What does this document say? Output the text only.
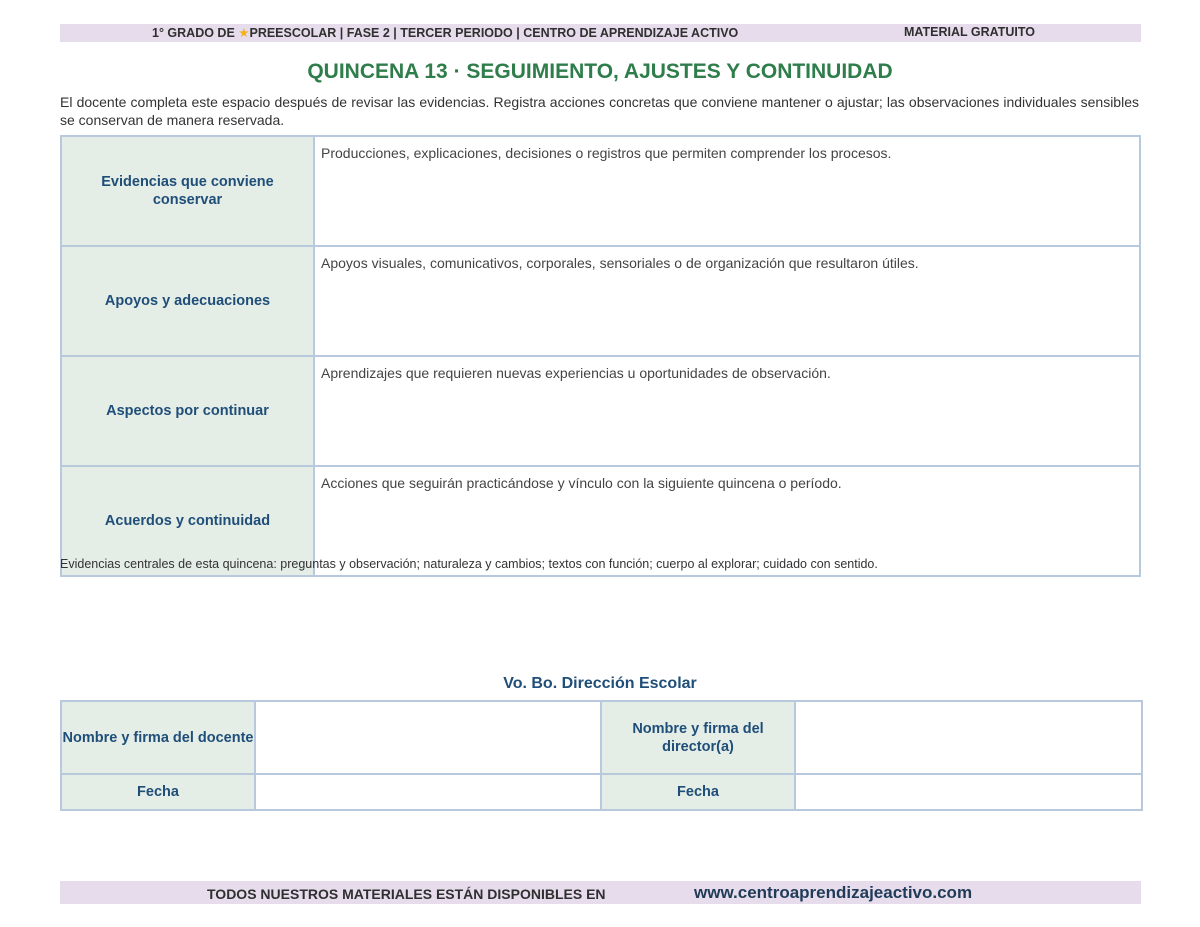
1° GRADO DE ★PREESCOLAR | FASE 2 | TERCER PERIODO | CENTRO DE APRENDIZAJE ACTIVO	MATERIAL GRATUITO
QUINCENA 13 · SEGUIMIENTO, AJUSTES Y CONTINUIDAD
El docente completa este espacio después de revisar las evidencias. Registra acciones concretas que conviene mantener o ajustar; las observaciones individuales sensibles se conservan de manera reservada.
Evidencias que conviene conservar	Producciones, explicaciones, decisiones o registros que permiten comprender los procesos.
Apoyos y adecuaciones	Apoyos visuales, comunicativos, corporales, sensoriales o de organización que resultaron útiles.
Aspectos por continuar	Aprendizajes que requieren nuevas experiencias u oportunidades de observación.
Acuerdos y continuidad	Acciones que seguirán practicándose y vínculo con la siguiente quincena o período.
Evidencias centrales de esta quincena: preguntas y observación; naturaleza y cambios; textos con función; cuerpo al explorar; cuidado con sentido.
Vo. Bo. Dirección Escolar
Nombre y firma del docente		Nombre y firma del director(a)	
Fecha		Fecha	
TODOS NUESTROS MATERIALES ESTÁN DISPONIBLES EN	www.centroaprendizajeactivo.com
